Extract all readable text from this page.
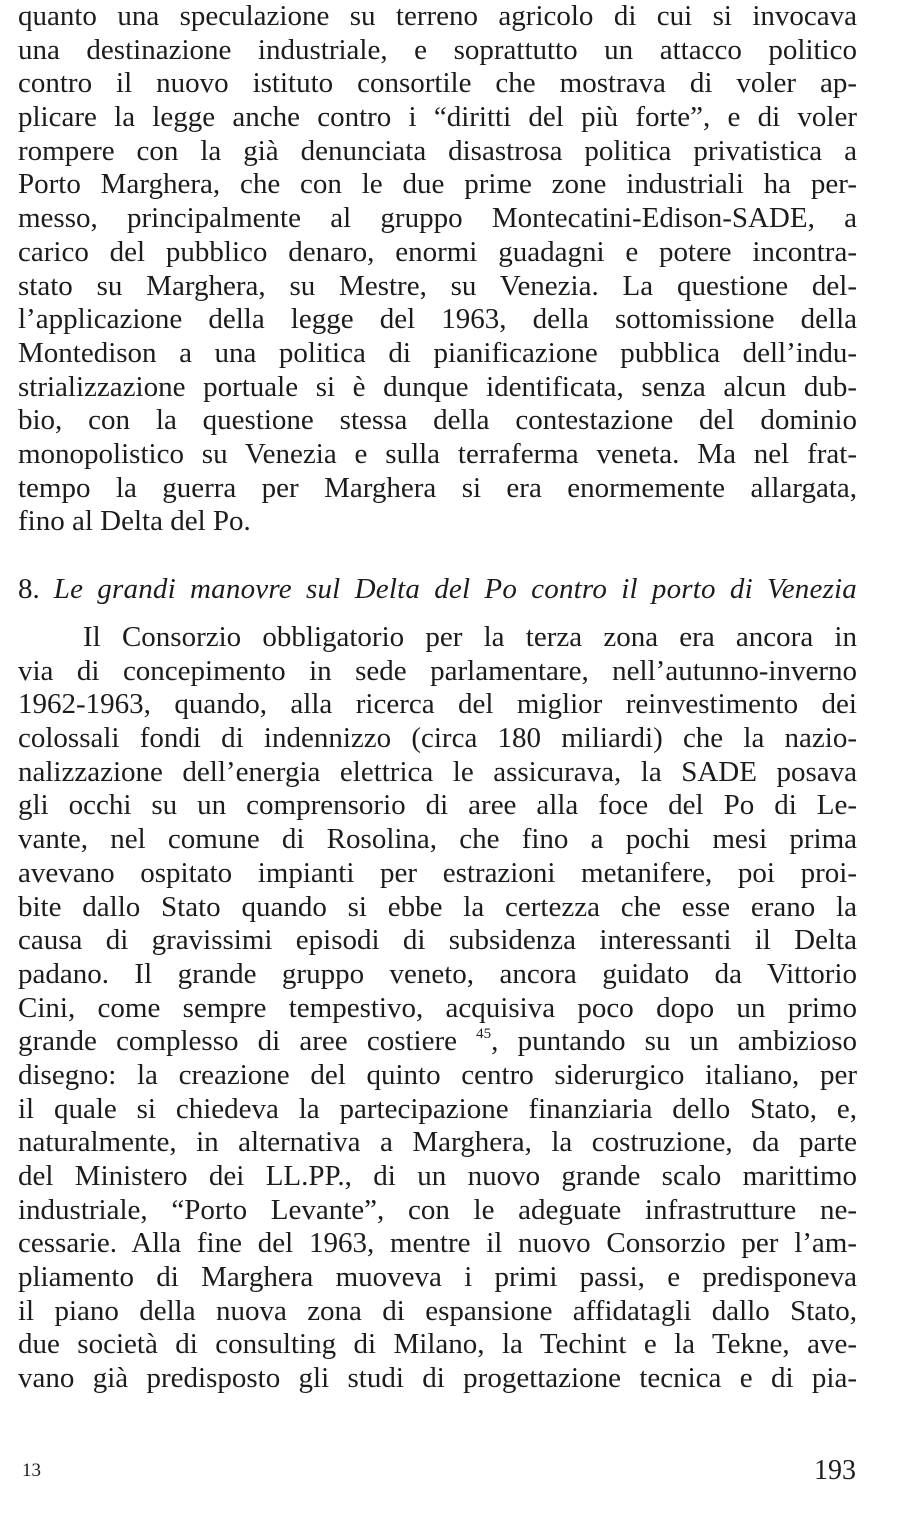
quanto una speculazione su terreno agricolo di cui si invocava
una destinazione industriale, e soprattutto un attacco politico
contro il nuovo istituto consortile che mostrava di voler ap-
plicare la legge anche contro i “diritti del più forte”, e di voler
rompere con la già denunciata disastrosa politica privatistica a
Porto Marghera, che con le due prime zone industriali ha per-
messo, principalmente al gruppo Montecatini-Edison-SADE, a
carico del pubblico denaro, enormi guadagni e potere incontra-
stato su Marghera, su Mestre, su Venezia. La questione del-
l’applicazione della legge del 1963, della sottomissione della
Montedison a una politica di pianificazione pubblica dell’indu-
strializzazione portuale si è dunque identificata, senza alcun dub-
bio, con la questione stessa della contestazione del dominio
monopolistico su Venezia e sulla terraferma veneta. Ma nel frat-
tempo la guerra per Marghera si era enormemente allargata,
fino al Delta del Po.
8. Le grandi manovre sul Delta del Po contro il porto di Venezia
Il Consorzio obbligatorio per la terza zona era ancora in
via di concepimento in sede parlamentare, nell’autunno-inverno
1962-1963, quando, alla ricerca del miglior reinvestimento dei
colossali fondi di indennizzo (circa 180 miliardi) che la nazio-
nalizzazione dell’energia elettrica le assicurava, la SADE posava
gli occhi su un comprensorio di aree alla foce del Po di Le-
vante, nel comune di Rosolina, che fino a pochi mesi prima
avevano ospitato impianti per estrazioni metanifere, poi proi-
bite dallo Stato quando si ebbe la certezza che esse erano la
causa di gravissimi episodi di subsidenza interessanti il Delta
padano. Il grande gruppo veneto, ancora guidato da Vittorio
Cini, come sempre tempestivo, acquisiva poco dopo un primo
grande complesso di aree costiere $^{45}$, puntando su un ambizioso
disegno: la creazione del quinto centro siderurgico italiano, per
il quale si chiedeva la partecipazione finanziaria dello Stato, e,
naturalmente, in alternativa a Marghera, la costruzione, da parte
del Ministero dei LL.PP., di un nuovo grande scalo marittimo
industriale, “Porto Levante”, con le adeguate infrastrutture ne-
cessarie. Alla fine del 1963, mentre il nuovo Consorzio per l’am-
pliamento di Marghera muoveva i primi passi, e predisponeva
il piano della nuova zona di espansione affidatagli dallo Stato,
due società di consulting di Milano, la Techint e la Tekne, ave-
vano già predisposto gli studi di progettazione tecnica e di pia-
13	193
